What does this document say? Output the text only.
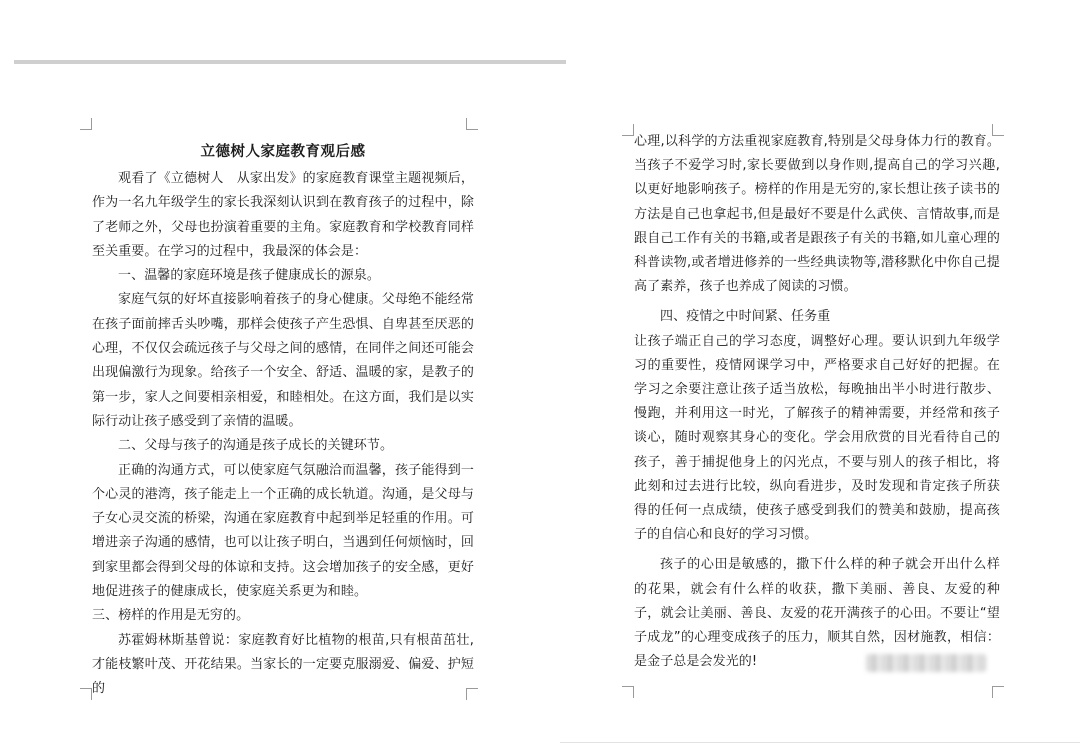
立德树人家庭教育观后感

观看了《立德树人　从家出发》的家庭教育课堂主题视频后，作为一名九年级学生的家长我深刻认识到在教育孩子的过程中，除了老师之外，父母也扮演着重要的主角。家庭教育和学校教育同样至关重要。在学习的过程中，我最深的体会是：

一、温馨的家庭环境是孩子健康成长的源泉。

家庭气氛的好坏直接影响着孩子的身心健康。父母绝不能经常在孩子面前摔舌头吵嘴，那样会使孩子产生恐惧、自卑甚至厌恶的心理，不仅仅会疏远孩子与父母之间的感情，在同伴之间还可能会出现偏激行为现象。给孩子一个安全、舒适、温暖的家，是教子的第一步，家人之间要相亲相爱，和睦相处。在这方面，我们是以实际行动让孩子感受到了亲情的温暖。

二、父母与孩子的沟通是孩子成长的关键环节。

正确的沟通方式，可以使家庭气氛融洽而温馨，孩子能得到一个心灵的港湾，孩子能走上一个正确的成长轨道。沟通，是父母与子女心灵交流的桥梁，沟通在家庭教育中起到举足轻重的作用。可增进亲子沟通的感情，也可以让孩子明白，当遇到任何烦恼时，回到家里都会得到父母的体谅和支持。这会增加孩子的安全感，更好地促进孩子的健康成长，使家庭关系更为和睦。

三、榜样的作用是无穷的。

苏霍姆林斯基曾说：家庭教育好比植物的根苗,只有根苗茁壮,才能枝繁叶茂、开花结果。当家长的一定要克服溺爱、偏爱、护短的

心理,以科学的方法重视家庭教育,特别是父母身体力行的教育。当孩子不爱学习时,家长要做到以身作则,提高自己的学习兴趣,以更好地影响孩子。榜样的作用是无穷的,家长想让孩子读书的方法是自己也拿起书,但是最好不要是什么武侠、言情故事,而是跟自己工作有关的书籍,或者是跟孩子有关的书籍,如儿童心理的科普读物,或者增进修养的一些经典读物等,潜移默化中你自己提高了素养，孩子也养成了阅读的习惯。

四、疫情之中时间紧、任务重

让孩子端正自己的学习态度，调整好心理。要认识到九年级学习的重要性，疫情网课学习中，严格要求自己好好的把握。在学习之余要注意让孩子适当放松，每晚抽出半小时进行散步、慢跑，并利用这一时光，了解孩子的精神需要，并经常和孩子谈心，随时观察其身心的变化。学会用欣赏的目光看待自己的孩子，善于捕捉他身上的闪光点，不要与别人的孩子相比，将此刻和过去进行比较，纵向看进步，及时发现和肯定孩子所获得的任何一点成绩，使孩子感受到我们的赞美和鼓励，提高孩子的自信心和良好的学习习惯。

孩子的心田是敏感的，撒下什么样的种子就会开出什么样的花果，就会有什么样的收获，撒下美丽、善良、友爱的种子，就会让美丽、善良、友爱的花开满孩子的心田。不要让“望子成龙”的心理变成孩子的压力，顺其自然，因材施教，相信：是金子总是会发光的!
